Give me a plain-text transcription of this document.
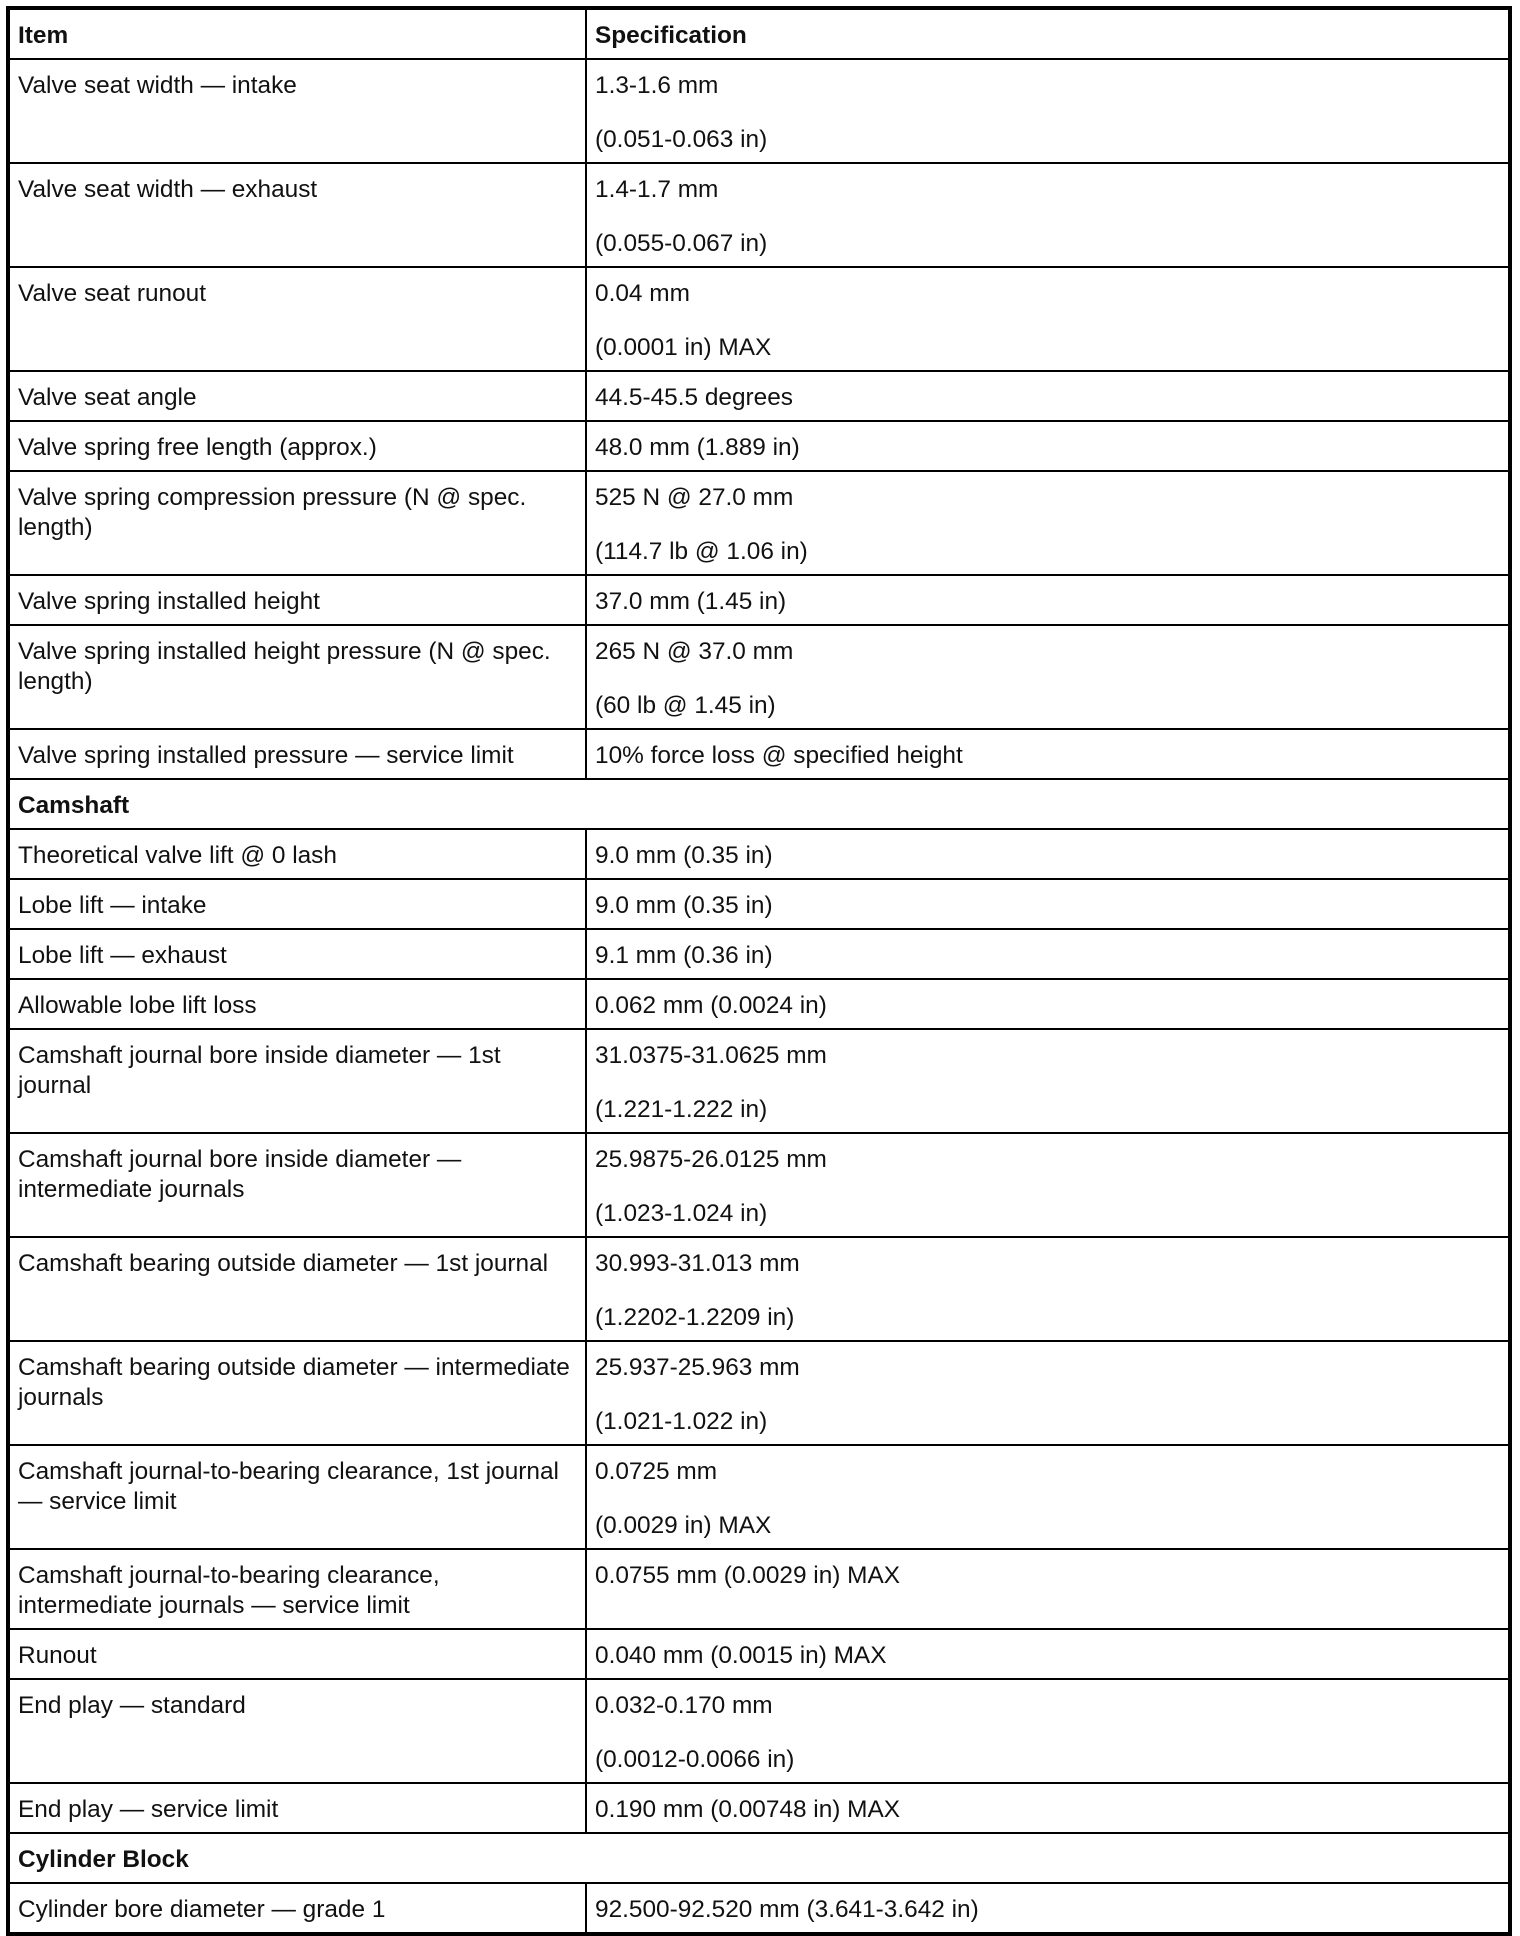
Item	Specification
Valve seat width — intake	1.3-1.6 mm
(0.051-0.063 in)

Valve seat width — exhaust	1.4-1.7 mm
(0.055-0.067 in)

Valve seat runout	0.04 mm
(0.0001 in) MAX

Valve seat angle	44.5-45.5 degrees

Valve spring free length (approx.)	48.0 mm (1.889 in)

Valve spring compression pressure (N @ spec. length)	525 N @ 27.0 mm
(114.7 lb @ 1.06 in)

Valve spring installed height	37.0 mm (1.45 in)

Valve spring installed height pressure (N @ spec. length)	265 N @ 37.0 mm
(60 lb @ 1.45 in)

Valve spring installed pressure — service limit	10% force loss @ specified height

Camshaft	
Theoretical valve lift @ 0 lash	9.0 mm (0.35 in)

Lobe lift — intake	9.0 mm (0.35 in)

Lobe lift — exhaust	9.1 mm (0.36 in)

Allowable lobe lift loss	0.062 mm (0.0024 in)

Camshaft journal bore inside diameter — 1st journal	31.0375-31.0625 mm
(1.221-1.222 in)

Camshaft journal bore inside diameter — intermediate journals	25.9875-26.0125 mm
(1.023-1.024 in)

Camshaft bearing outside diameter — 1st journal	30.993-31.013 mm
(1.2202-1.2209 in)

Camshaft bearing outside diameter — intermediate journals	25.937-25.963 mm
(1.021-1.022 in)

Camshaft journal-to-bearing clearance, 1st journal — service limit	0.0725 mm
(0.0029 in) MAX

Camshaft journal-to-bearing clearance, intermediate journals — service limit	0.0755 mm (0.0029 in) MAX

Runout	0.040 mm (0.0015 in) MAX

End play — standard	0.032-0.170 mm
(0.0012-0.0066 in)

End play — service limit	0.190 mm (0.00748 in) MAX

Cylinder Block	
Cylinder bore diameter — grade 1	92.500-92.520 mm (3.641-3.642 in)
